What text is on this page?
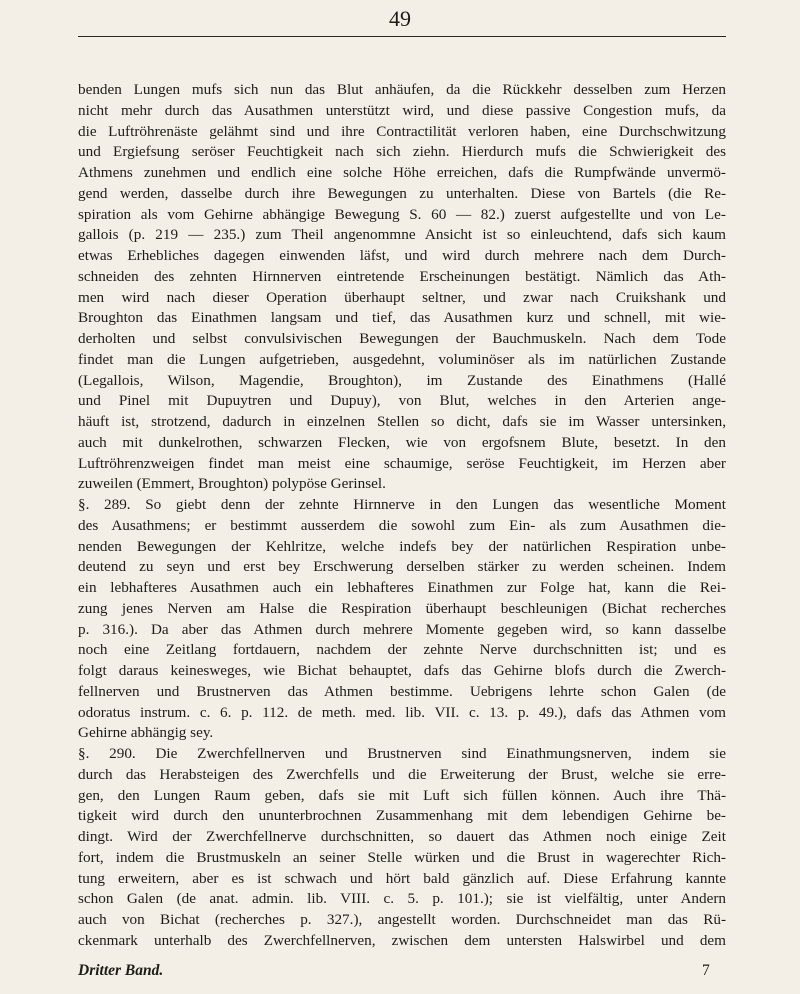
49
benden Lungen mufs sich nun das Blut anhäufen, da die Rückkehr desselben zum Herzen
nicht mehr durch das Ausathmen unterstützt wird, und diese passive Congestion mufs, da
die Luftröhrenäste gelähmt sind und ihre Contractilität verloren haben, eine Durchschwitzung
und Ergiefsung seröser Feuchtigkeit nach sich ziehn. Hierdurch mufs die Schwierigkeit des
Athmens zunehmen und endlich eine solche Höhe erreichen, dafs die Rumpfwände unvermö-
gend werden, dasselbe durch ihre Bewegungen zu unterhalten. Diese von Bartels (die Re-
spiration als vom Gehirne abhängige Bewegung S. 60 — 82.) zuerst aufgestellte und von Le-
gallois (p. 219 — 235.) zum Theil angenommne Ansicht ist so einleuchtend, dafs sich kaum
etwas Erhebliches dagegen einwenden läfst, und wird durch mehrere nach dem Durch-
schneiden des zehnten Hirnnerven eintretende Erscheinungen bestätigt. Nämlich das Ath-
men wird nach dieser Operation überhaupt seltner, und zwar nach Cruikshank und
Broughton das Einathmen langsam und tief, das Ausathmen kurz und schnell, mit wie-
derholten und selbst convulsivischen Bewegungen der Bauchmuskeln. Nach dem Tode
findet man die Lungen aufgetrieben, ausgedehnt, voluminöser als im natürlichen Zustande
(Legallois, Wilson, Magendie, Broughton), im Zustande des Einathmens (Hallé
und Pinel mit Dupuytren und Dupuy), von Blut, welches in den Arterien ange-
häuft ist, strotzend, dadurch in einzelnen Stellen so dicht, dafs sie im Wasser untersinken,
auch mit dunkelrothen, schwarzen Flecken, wie von ergofsnem Blute, besetzt. In den
Luftröhrenzweigen findet man meist eine schaumige, seröse Feuchtigkeit, im Herzen aber
zuweilen (Emmert, Broughton) polypöse Gerinsel.
§. 289. So giebt denn der zehnte Hirnnerve in den Lungen das wesentliche Moment
des Ausathmens; er bestimmt ausserdem die sowohl zum Ein- als zum Ausathmen die-
nenden Bewegungen der Kehlritze, welche indefs bey der natürlichen Respiration unbe-
deutend zu seyn und erst bey Erschwerung derselben stärker zu werden scheinen. Indem
ein lebhafteres Ausathmen auch ein lebhafteres Einathmen zur Folge hat, kann die Rei-
zung jenes Nerven am Halse die Respiration überhaupt beschleunigen (Bichat recherches
p. 316.). Da aber das Athmen durch mehrere Momente gegeben wird, so kann dasselbe
noch eine Zeitlang fortdauern, nachdem der zehnte Nerve durchschnitten ist; und es
folgt daraus keinesweges, wie Bichat behauptet, dafs das Gehirne blofs durch die Zwerch-
fellnerven und Brustnerven das Athmen bestimme. Uebrigens lehrte schon Galen (de
odoratus instrum. c. 6. p. 112. de meth. med. lib. VII. c. 13. p. 49.), dafs das Athmen vom
Gehirne abhängig sey.
§. 290. Die Zwerchfellnerven und Brustnerven sind Einathmungsnerven, indem sie
durch das Herabsteigen des Zwerchfells und die Erweiterung der Brust, welche sie erre-
gen, den Lungen Raum geben, dafs sie mit Luft sich füllen können. Auch ihre Thä-
tigkeit wird durch den ununterbrochnen Zusammenhang mit dem lebendigen Gehirne be-
dingt. Wird der Zwerchfellnerve durchschnitten, so dauert das Athmen noch einige Zeit
fort, indem die Brustmuskeln an seiner Stelle würken und die Brust in wagerechter Rich-
tung erweitern, aber es ist schwach und hört bald gänzlich auf. Diese Erfahrung kannte
schon Galen (de anat. admin. lib. VIII. c. 5. p. 101.); sie ist vielfältig, unter Andern
auch von Bichat (recherches p. 327.), angestellt worden. Durchschneidet man das Rü-
ckenmark unterhalb des Zwerchfellnerven, zwischen dem untersten Halswirbel und dem
Dritter Band.	7
